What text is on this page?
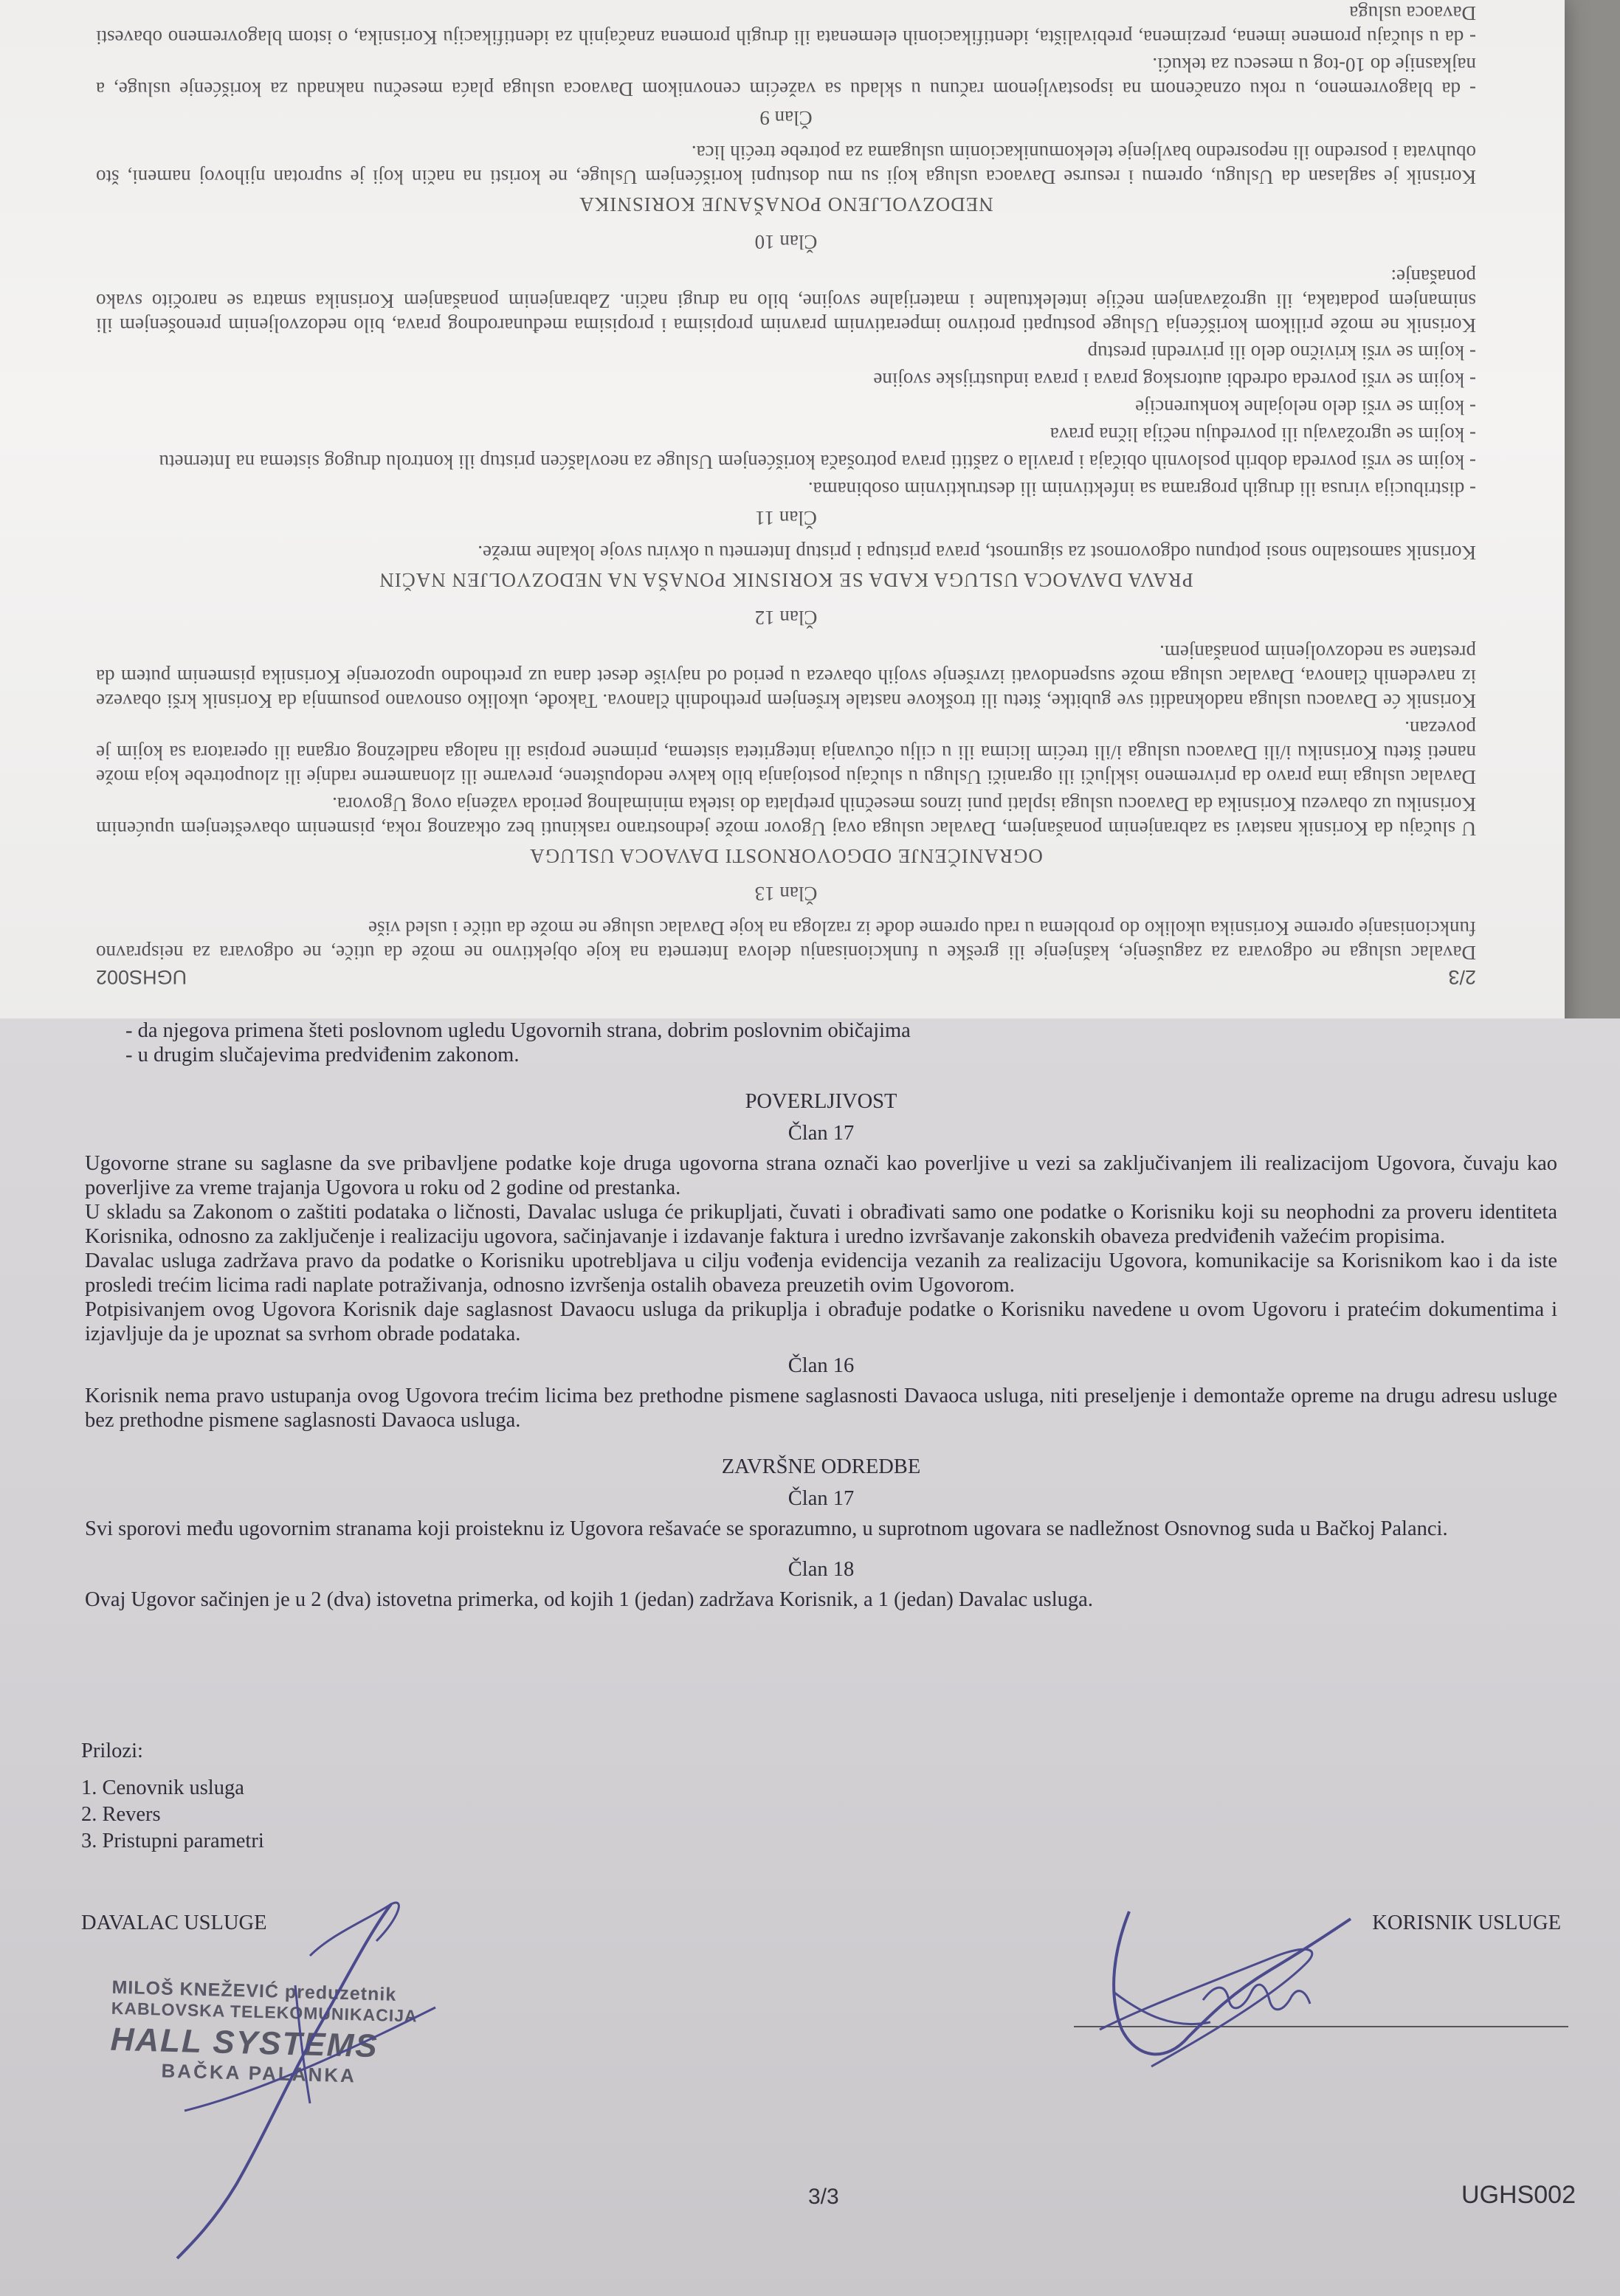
2/3
UGHS002

Davalac usluga ne odgovara za zagušenje, kašnjenje ili greške u funkcionisanju delova Interneta na koje objektivno ne može da utiče, ne odgovara za neispravno funkcionisanje opreme Korisnika ukoliko do problema u radu opreme dođe iz razloga na koje Davalac usluge ne može da utiče i usled više

Član 13

OGRANIČENJE ODGOVORNOSTI DAVAOCA USLUGA

U slučaju da Korisnik nastavi sa zabranjenim ponašanjem, Davalac usluga ovaj Ugovor može jednostrano raskinuti bez otkaznog roka, pismenim obaveštenjem upućenim Korisniku uz obavezu Korisnika da Davaocu usluga isplati puni iznos mesečnih pretplata do isteka minimalnog perioda važenja ovog Ugovora.

Davalac usluga ima pravo da privremeno isključi ili ograniči Uslugu u slučaju postojanja bilo kakve nedopuštene, prevarne ili zlonamerne radnje ili zloupotrebe koja može naneti štetu Korisniku i/ili Davaocu usluga i/ili trećim licima ili u cilju očuvanja integriteta sistema, primene propisa ili naloga nadležnog organa ili operatora sa kojim je povezan.

Korisnik će Davaocu usluga nadoknaditi sve gubitke, štetu ili troškove nastale kršenjem prethodnih članova. Takođe, ukoliko osnovano posumnja da Korisnik krši obaveze iz navedenih članova, Davalac usluga može suspendovati izvršenje svojih obaveza u period od najviše deset dana uz prethodno upozorenje Korisnika pismenim putem da prestane sa nedozvoljenim ponašanjem.

Član 12

PRAVA DAVAOCA USLUGA KADA SE KORISNIK PONAŠA NA NEDOZVOLJEN NAČIN

Korisnik samostalno snosi potpunu odgovornost za sigurnost, prava pristupa i pristup Internetu u okviru svoje lokalne mreže.

Član 11

- distribucija virusa ili drugih programa sa infektivnim ili destruktivnim osobinama.

- kojim se vrši povreda dobrih poslovnih običaja i pravila o zaštiti prava potrošača korišćenjem Usluge za neovlašćen pristup ili kontrolu drugog sistema na Internetu

- kojim se ugrožavaju ili povređuju nečija lična prava

- kojim se vrši delo nelojalne konkurencije

- kojim se vrši povreda odredbi autorskog prava i prava industrijske svojine

- kojim se vrši krivično delo ili privredni prestup

Korisnik ne može prilikom korišćenja Usluge postupati protivno imperativnim pravnim propisima i propisima međunarodnog prava, bilo nedozvoljenim prenošenjem ili snimanjem podataka, ili ugrožavanjem nečije intelektualne i materijalne svojine, bilo na drugi način. Zabranjenim ponašanjem Korisnika smatra se naročito svako ponašanje:

Član 10

NEDOZVOLJENO PONAŠANJE KORISNIKA

Korisnik je saglasan da Uslugu, opremu i resurse Davaoca usluga koji su mu dostupni korišćenjem Usluge, ne koristi na način koji je suprotan njihovoj nameni, što obuhvata i posredno ili neposredno bavljenje telekomunikacionim uslugama za potrebe trećih lica.

Član 9

- da blagovremeno, u roku označenom na ispostavljenom računu u skladu sa važećim cenovnikom Davaoca usluga plaća mesečnu naknadu za korišćenje usluge, a najkasnije do 10-tog u mesecu za tekući.

- da u slučaju promene imena, prezimena, prebivališta, identifikacionih elemenata ili drugih promena značajnih za identifikaciju Korisnika, o istom blagovremeno obavesti Davaoca usluga

- da njegova primena šteti poslovnom ugledu Ugovornih strana, dobrim poslovnim običajima

- u drugim slučajevima predviđenim zakonom.

POVERLJIVOST

Član 17

Ugovorne strane su saglasne da sve pribavljene podatke koje druga ugovorna strana označi kao poverljive u vezi sa zaključivanjem ili realizacijom Ugovora, čuvaju kao poverljive za vreme trajanja Ugovora u roku od 2 godine od prestanka.

U skladu sa Zakonom o zaštiti podataka o ličnosti, Davalac usluga će prikupljati, čuvati i obrađivati samo one podatke o Korisniku koji su neophodni za proveru identiteta Korisnika, odnosno za zaključenje i realizaciju ugovora, sačinjavanje i izdavanje faktura i uredno izvršavanje zakonskih obaveza predviđenih važećim propisima.

Davalac usluga zadržava pravo da podatke o Korisniku upotrebljava u cilju vođenja evidencija vezanih za realizaciju Ugovora, komunikacije sa Korisnikom kao i da iste prosledi trećim licima radi naplate potraživanja, odnosno izvršenja ostalih obaveza preuzetih ovim Ugovorom.

Potpisivanjem ovog Ugovora Korisnik daje saglasnost Davaocu usluga da prikuplja i obrađuje podatke o Korisniku navedene u ovom Ugovoru i pratećim dokumentima i izjavljuje da je upoznat sa svrhom obrade podataka.

Član 16

Korisnik nema pravo ustupanja ovog Ugovora trećim licima bez prethodne pismene saglasnosti Davaoca usluga, niti preseljenje i demontaže opreme na drugu adresu usluge bez prethodne pismene saglasnosti Davaoca usluga.

ZAVRŠNE ODREDBE

Član 17

Svi sporovi među ugovornim stranama koji proisteknu iz Ugovora rešavaće se sporazumno, u suprotnom ugovara se nadležnost Osnovnog suda u Bačkoj Palanci.

Član 18

Ovaj Ugovor sačinjen je u 2 (dva) istovetna primerka, od kojih 1 (jedan) zadržava Korisnik, a 1 (jedan) Davalac usluga.

Prilozi:
1. Cenovnik usluga
2. Revers
3. Pristupni parametri
DAVALAC USLUGE	KORISNIK USLUGE
MILOŠ KNEŽEVIĆ preduzetnik
KABLOVSKA TELEKOMUNIKACIJA
HALL SYSTEMS
BAČKA PALANKA
3/3	UGHS002
